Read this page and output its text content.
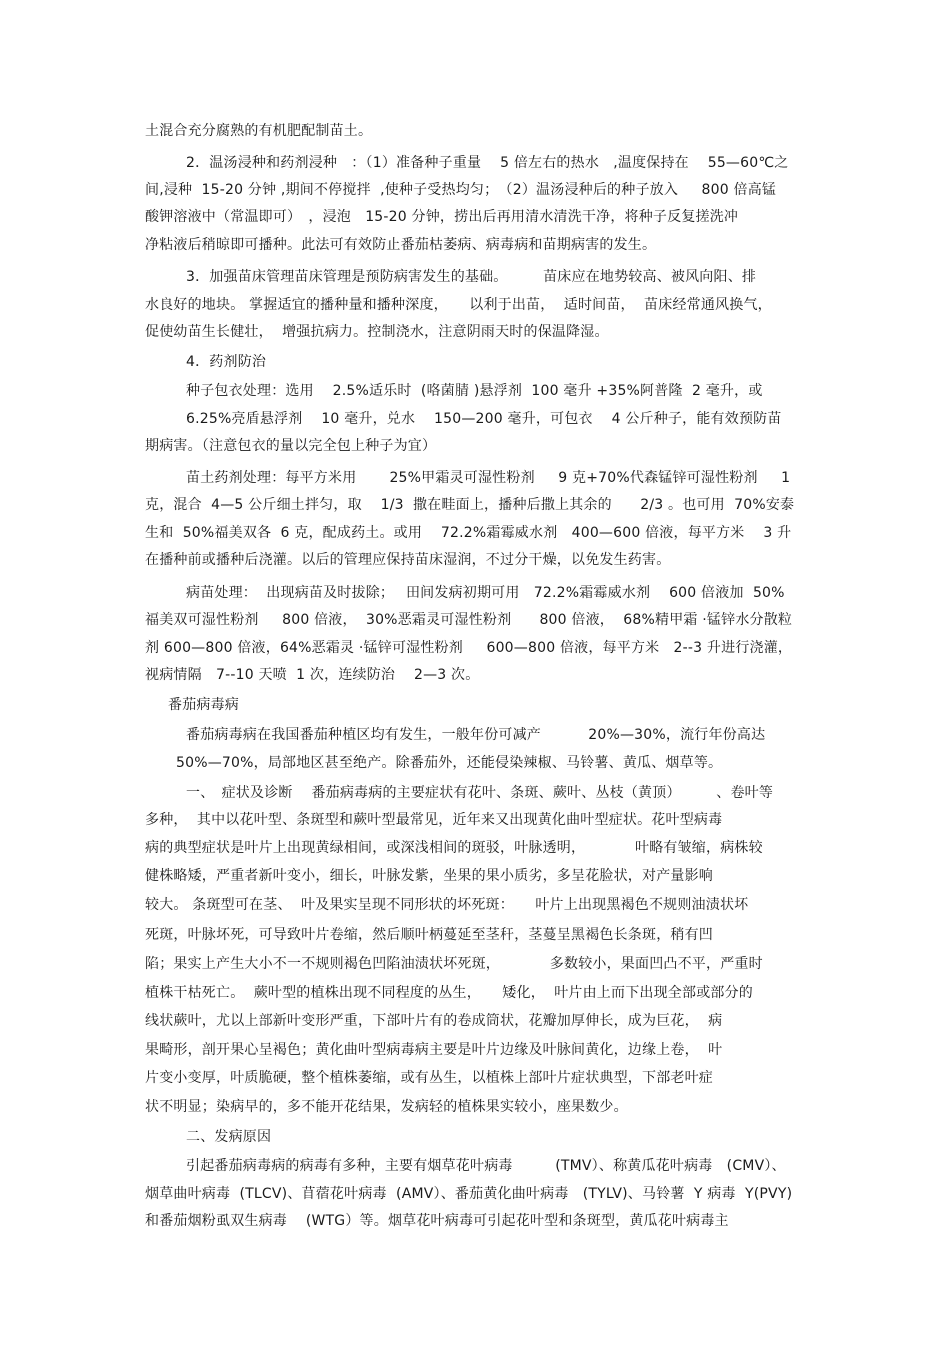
土混合充分腐熟的有机肥配制苗土。
2．温汤浸种和药剂浸种　：（1）准备种子重量　 5 倍左右的热水　,温度保持在　 55—60℃之
间,浸种  15-20 分钟 ,期间不停搅拌  ,使种子受热均匀；　（2）温汤浸种后的种子放入　  800 倍高锰
酸钾溶液中（常温即可）　，浸泡　15-20 分钟，捞出后再用清水清洗干净，将种子反复搓洗冲
净粘液后稍晾即可播种。此法可有效防止番茄枯萎病、病毒病和苗期病害的发生。
3．加强苗床管理苗床管理是预防病害发生的基础。　　　苗床应在地势较高、被风向阳、排
水良好的地块。 掌握适宜的播种量和播种深度，　　以利于出苗，  适时间苗，  苗床经常通风换气，
促使幼苗生长健壮，  增强抗病力。控制浇水，注意阴雨天时的保温降湿。
4．药剂防治
种子包衣处理：选用　 2.5%适乐时  (咯菌腈 )悬浮剂  100 毫升 +35%阿普隆  2 毫升，或
6.25%亮盾悬浮剂　 10 毫升，兑水　 150—200 毫升，可包衣　 4 公斤种子，能有效预防苗
期病害。（注意包衣的量以完全包上种子为宜）
苗土药剂处理：每平方米用　　 25%甲霜灵可湿性粉剂　  9 克+70%代森锰锌可湿性粉剂　  1
克，混合  4—5 公斤细土拌匀，取　 1/3  撒在畦面上，播种后撒上其余的　　2/3 。也可用  70%安泰
生和  50%福美双各  6 克，配成药土。或用　 72.2%霜霉威水剂　400—600 倍液，每平方米　 3 升
在播种前或播种后浇灌。以后的管理应保持苗床湿润，不过分干燥，以免发生药害。
病苗处理：  出现病苗及时拔除；　 田间发病初期可用　72.2%霜霉威水剂　 600 倍液加  50%
福美双可湿性粉剂　  800 倍液，  30%恶霜灵可湿性粉剂　   800 倍液，  68%精甲霜 ·锰锌水分散粒
剂 600—800 倍液，64%恶霜灵 ·锰锌可湿性粉剂　  600—800 倍液，每平方米　2--3 升进行浇灌，
视病情隔　7--10 天喷  1 次，连续防治　 2—3 次。
番茄病毒病
番茄病毒病在我国番茄种植区均有发生，一般年份可减产　　　 20%—30%，流行年份高达
50%—70%，局部地区甚至绝产。除番茄外，还能侵染辣椒、马铃薯、黄瓜、烟草等。
一、　症状及诊断　 番茄病毒病的主要症状有花叶、条斑、蕨叶、丛枝（黄顶）　　　、卷叶等
多种，  其中以花叶型、条斑型和蕨叶型最常见，近年来又出现黄化曲叶型症状。花叶型病毒
病的典型症状是叶片上出现黄绿相间，或深浅相间的斑驳，叶脉透明，　　　　叶略有皱缩，病株较
健株略矮，严重者新叶变小，细长，叶脉发紫，坐果的果小质劣，多呈花脸状，对产量影响
较大。 条斑型可在茎、  叶及果实呈现不同形状的坏死斑：　　叶片上出现黑褐色不规则油渍状坏
死斑，叶脉坏死，可导致叶片卷缩，然后顺叶柄蔓延至茎秆，茎蔓呈黑褐色长条斑，稍有凹
陷；果实上产生大小不一不规则褐色凹陷油渍状坏死斑，　　　　多数较小，果面凹凸不平，严重时
植株干枯死亡。  蕨叶型的植株出现不同程度的丛生，　　矮化，  叶片由上而下出现全部或部分的
线状蕨叶，尤以上部新叶变形严重，下部叶片有的卷成筒状，花瓣加厚伸长，成为巨花，  病
果畸形，剖开果心呈褐色；黄化曲叶型病毒病主要是叶片边缘及叶脉间黄化，边缘上卷，  叶
片变小变厚，叶质脆硬，整个植株萎缩，或有丛生，以植株上部叶片症状典型，下部老叶症
状不明显；染病早的，多不能开花结果，发病轻的植株果实较小，座果数少。
二、发病原因
引起番茄病毒病的病毒有多种，主要有烟草花叶病毒　　　(TMV）、称黄瓜花叶病毒　(CMV）、
烟草曲叶病毒  (TLCV)、苜蓿花叶病毒  (AMV）、番茄黄化曲叶病毒　(TYLV)、马铃薯  Y 病毒  Y(PVY)
和番茄烟粉虱双生病毒　 (WTG）等。烟草花叶病毒可引起花叶型和条斑型，黄瓜花叶病毒主
